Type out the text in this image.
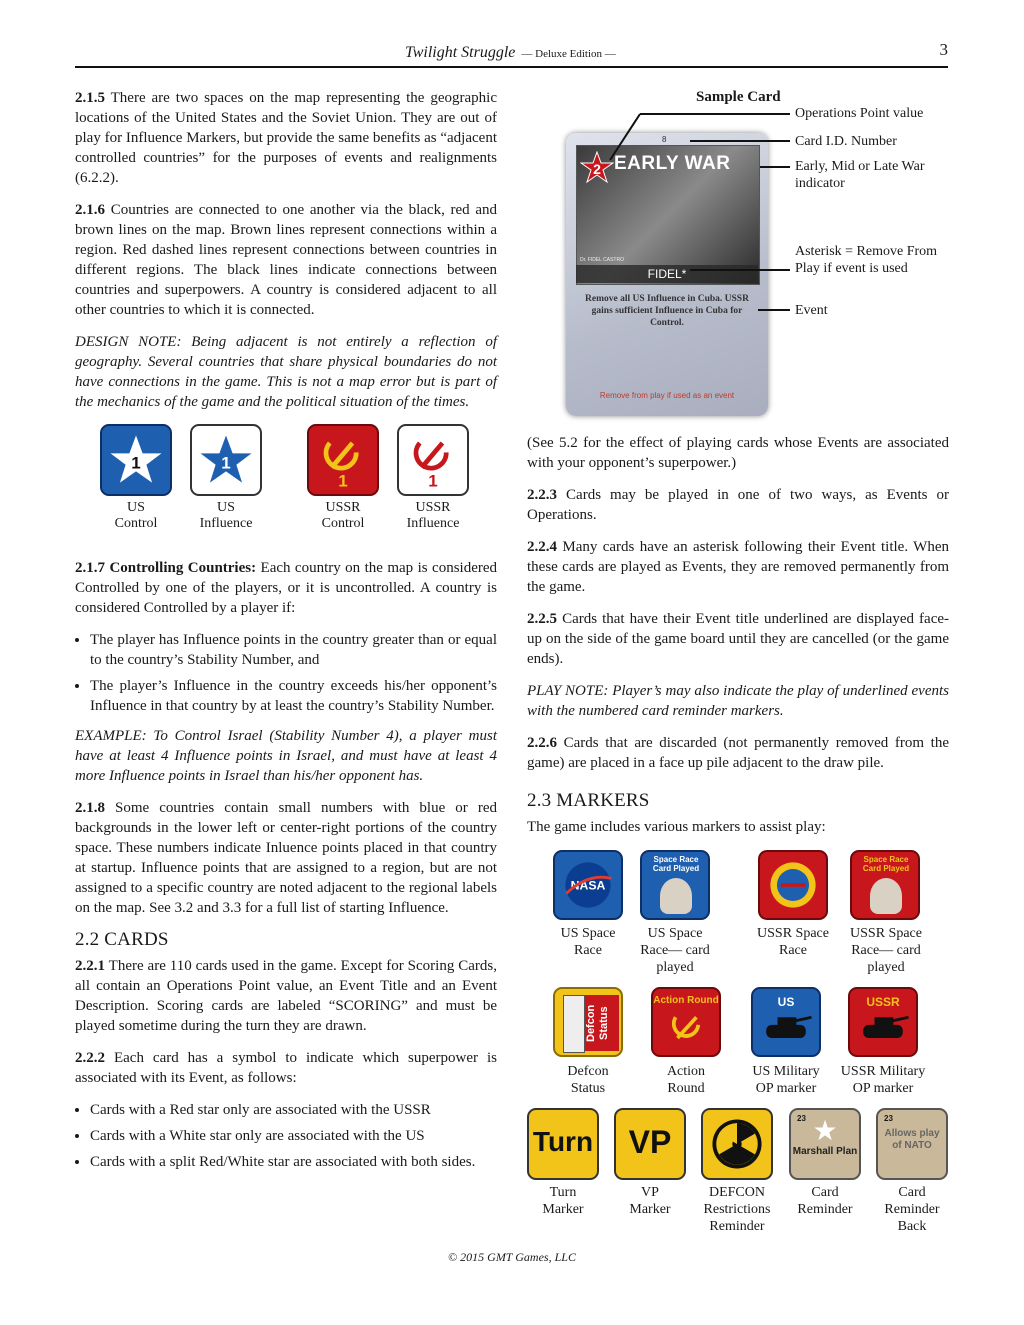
Twilight Struggle — Deluxe Edition —	3

2.1.5 There are two spaces on the map representing the geographic locations of the United States and the Soviet Union. They are out of play for Influence Markers, but provide the same benefits as “adjacent controlled countries” for the purposes of events and realignments (6.2.2).

2.1.6 Countries are connected to one another via the black, red and brown lines on the map. Brown lines represent connections within a region. Red dashed lines represent connections between countries in different regions. The black lines indicate connections between countries and superpowers. A country is considered adjacent to all other countries to which it is connected.

DESIGN NOTE: Being adjacent is not entirely a reflection of geography. Several countries that share physical boundaries do not have connections in the game. This is not a map error but is part of the mechanics of the game and the political situation of the times.

1	1
1	1
US
Control
US
Influence
USSR
Control
USSR
Influence

2.1.7 Controlling Countries: Each country on the map is considered Controlled by one of the players, or it is uncontrolled. A country is considered Controlled by a player if:

• The player has Influence points in the country greater than or equal to the country’s Stability Number, and
• The player’s Influence in the country exceeds his/her opponent’s Influence in that country by at least the country’s Stability Number.

EXAMPLE: To Control Israel (Stability Number 4), a player must have at least 4 Influence points in Israel, and must have at least 4 more Influence points in Israel than his/her opponent has.

2.1.8 Some countries contain small numbers with blue or red backgrounds in the lower left or center-right portions of the country space. These numbers indicate Inluence points placed in that country at startup. Influence points that are assigned to a region, but are not assigned to a specific country are noted adjacent to the regional labels on the map. See 3.2 and 3.3 for a full list of starting Influence.

2.2 CARDS

2.2.1 There are 110 cards used in the game. Except for Scoring Cards, all contain an Operations Point value, an Event Title and an Event Description. Scoring cards are labeled “SCORING” and must be played sometime during the turn they are drawn.

2.2.2 Each card has a symbol to indicate which superpower is associated with its Event, as follows:

• Cards with a Red star only are associated with the USSR
• Cards with a White star only are associated with the US
• Cards with a split Red/White star are associated with both sides.
Sample Card
8
2 EARLY WAR
Dr. FIDEL CASTRO
FIDEL*
Remove all US Influence in Cuba. USSR gains sufficient Influence in Cuba for Control.
Remove from play if used as an event
Operations Point value
Card I.D. Number
Early, Mid or Late War indicator
Asterisk = Remove From Play if event is used
Event

(See 5.2 for the effect of playing cards whose Events are associated with your opponent’s superpower.)

2.2.3 Cards may be played in one of two ways, as Events or Operations.

2.2.4 Many cards have an asterisk following their Event title. When these cards are played as Events, they are removed permanently from the game.

2.2.5 Cards that have their Event title underlined are displayed face-up on the side of the game board until they are cancelled (or the game ends).

PLAY NOTE: Player’s may also indicate the play of underlined events with the numbered card reminder markers.

2.2.6 Cards that are discarded (not permanently removed from the game) are placed in a face up pile adjacent to the draw pile.

2.3 MARKERS

The game includes various markers to assist play:

NASA
Space Race Card Played
Space Race Card Played
US Space
Race
US Space
Race— card
played
USSR Space
Race
USSR Space
Race— card
played
Defcon Status
Action Round	US	USSR
Defcon
Status
Action
Round
US Military
OP marker
USSR Military
OP marker
Turn	VP
23 ★
Marshall Plan
23
Allows play of NATO
Turn
Marker
VP
Marker
DEFCON
Restrictions
Reminder
Card
Reminder
Card
Reminder
Back
© 2015 GMT Games, LLC
